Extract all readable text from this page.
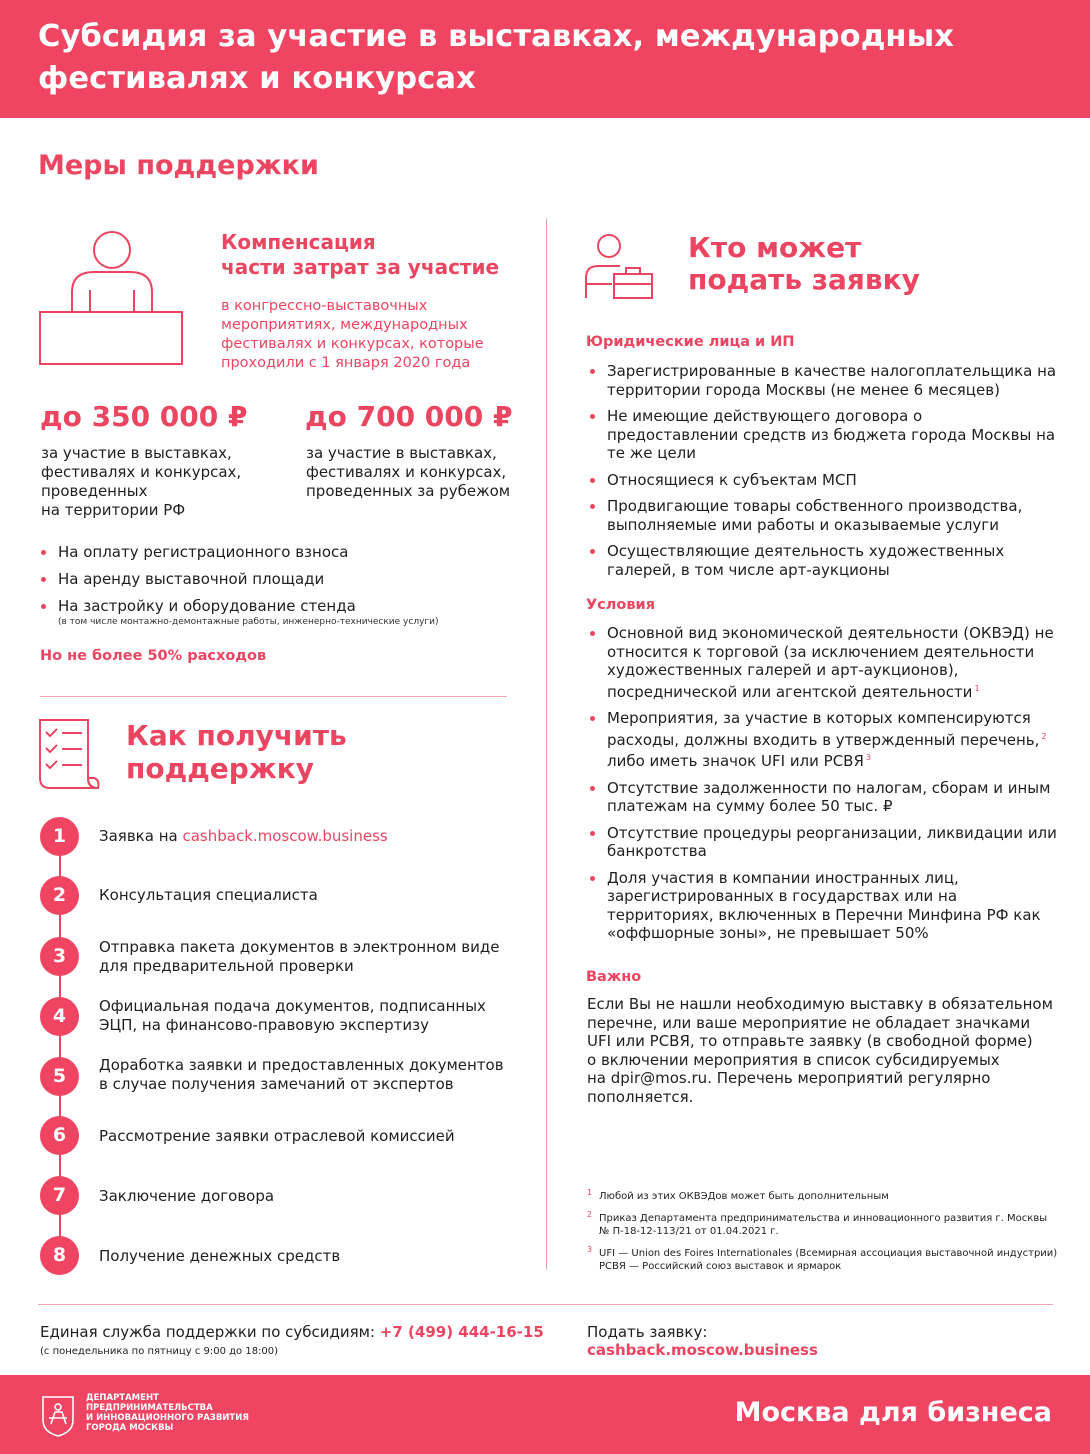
Субсидия за участие в выставках, международных
фестивалях и конкурсах
Меры поддержки
Компенсация
части затрат за участие
в конгрессно-выставочных
мероприятиях, международных
фестивалях и конкурсах, которые
проходили с 1 января 2020 года
до 350 000 ₽
за участие в выставках,
фестивалях и конкурсах,
проведенных
на территории РФ
до 700 000 ₽
за участие в выставках,
фестивалях и конкурсах,
проведенных за рубежом
На оплату регистрационного взноса
На аренду выставочной площади
На застройку и оборудование стенда
(в том числе монтажно-демонтажные работы, инженерно-технические услуги)
Но не более 50% расходов
Как получить
поддержку
1	Заявка на cashback.moscow.business
2	Консультация специалиста
3	Отправка пакета документов в электронном виде
для предварительной проверки
4	Официальная подача документов, подписанных
ЭЦП, на финансово-правовую экспертизу
5	Доработка заявки и предоставленных документов
в случае получения замечаний от экспертов
6	Рассмотрение заявки отраслевой комиссией
7	Заключение договора
8	Получение денежных средств
Кто может
подать заявку
Юридические лица и ИП
Зарегистрированные в качестве налогоплательщика на территории города Москвы (не менее 6 месяцев)
Не имеющие действующего договора о предоставлении средств из бюджета города Москвы на те же цели
Относящиеся к субъектам МСП
Продвигающие товары собственного производства, выполняемые ими работы и оказываемые услуги
Осуществляющие деятельность художественных галерей, в том числе арт-аукционы
Условия
Основной вид экономической деятельности (ОКВЭД) не относится к торговой (за исключением деятельности художественных галерей и арт-аукционов), посреднической или агентской деятельности $^1$
Мероприятия, за участие в которых компенсируются расходы, должны входить в утвержденный перечень, $^2$ либо иметь значок UFI или РСВЯ $^3$
Отсутствие задолженности по налогам, сборам и иным платежам на сумму более 50 тыс. ₽
Отсутствие процедуры реорганизации, ликвидации или банкротства
Доля участия в компании иностранных лиц, зарегистрированных в государствах или на территориях, включенных в Перечни Минфина РФ как «оффшорные зоны», не превышает 50%
Важно
Если Вы не нашли необходимую выставку в обязательном
перечне, или ваше мероприятие не обладает значками
UFI или РСВЯ, то отправьте заявку (в свободной форме)
о включении мероприятия в список субсидируемых
на dpir@mos.ru. Перечень мероприятий регулярно
пополняется.
1 Любой из этих ОКВЭДов может быть дополнительным
2 Приказ Департамента предпринимательства и инновационного развития г. Москвы
№ П-18-12-113/21 от 01.04.2021 г.
3 UFI — Union des Foires Internationales (Всемирная ассоциация выставочной индустрии)
РСВЯ — Российский союз выставок и ярмарок
Единая служба поддержки по субсидиям: +7 (499) 444-16-15
(с понедельника по пятницу с 9:00 до 18:00)
Подать заявку:
cashback.moscow.business
ДЕПАРТАМЕНТ
ПРЕДПРИНИМАТЕЛЬСТВА
И ИННОВАЦИОННОГО РАЗВИТИЯ
ГОРОДА МОСКВЫ	Москва для бизнеса
